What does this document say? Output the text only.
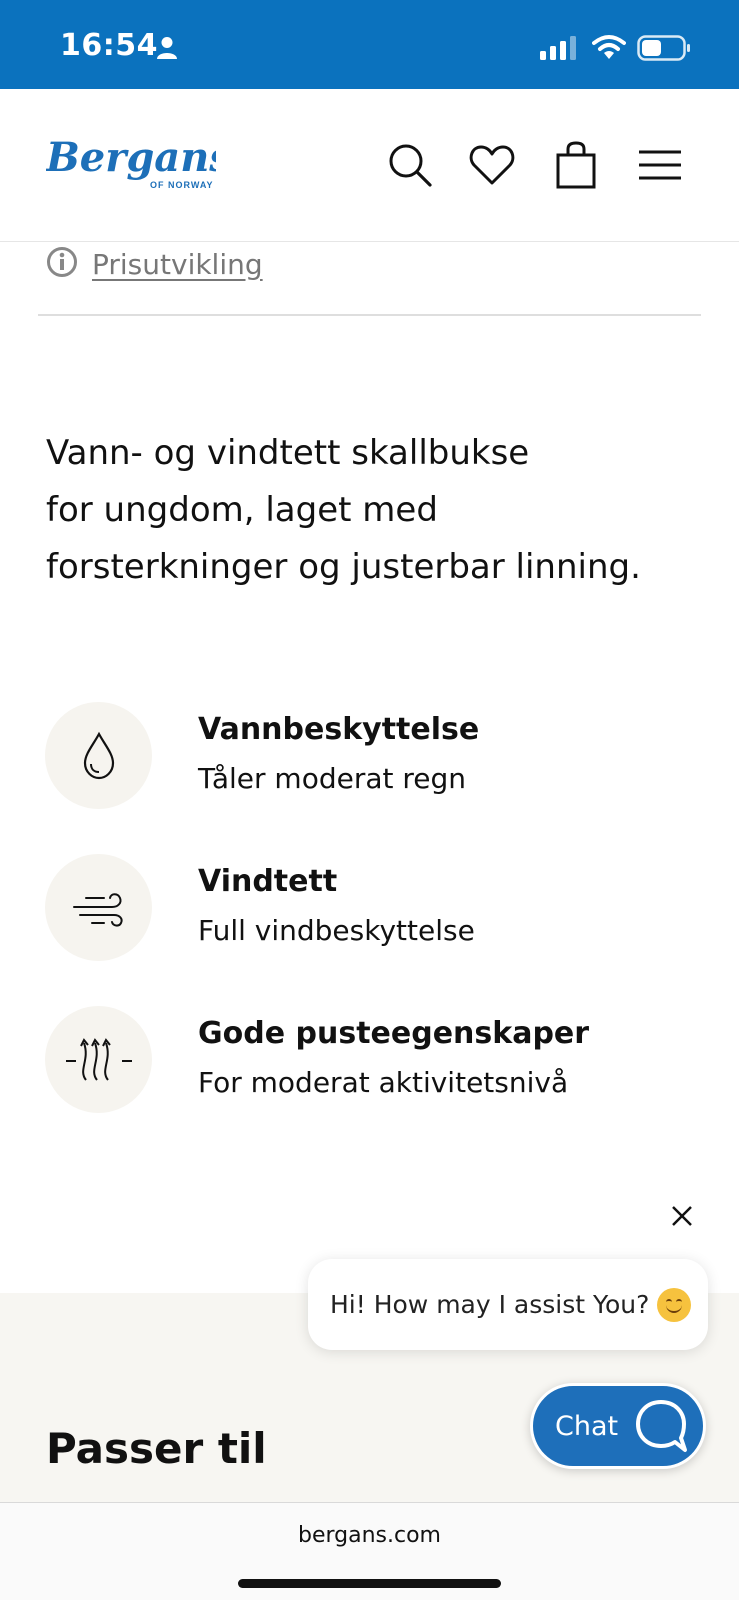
16:54
Bergans
OF NORWAY
Prisutvikling
Vann- og vindtett skallbukse
for ungdom, laget med
forsterkninger og justerbar linning.
Vannbeskyttelse
Tåler moderat regn
Vindtett
Full vindbeskyttelse
Gode pusteegenskaper
For moderat aktivitetsnivå
Passer til
Hi! How may I assist You?
Chat
bergans.com
